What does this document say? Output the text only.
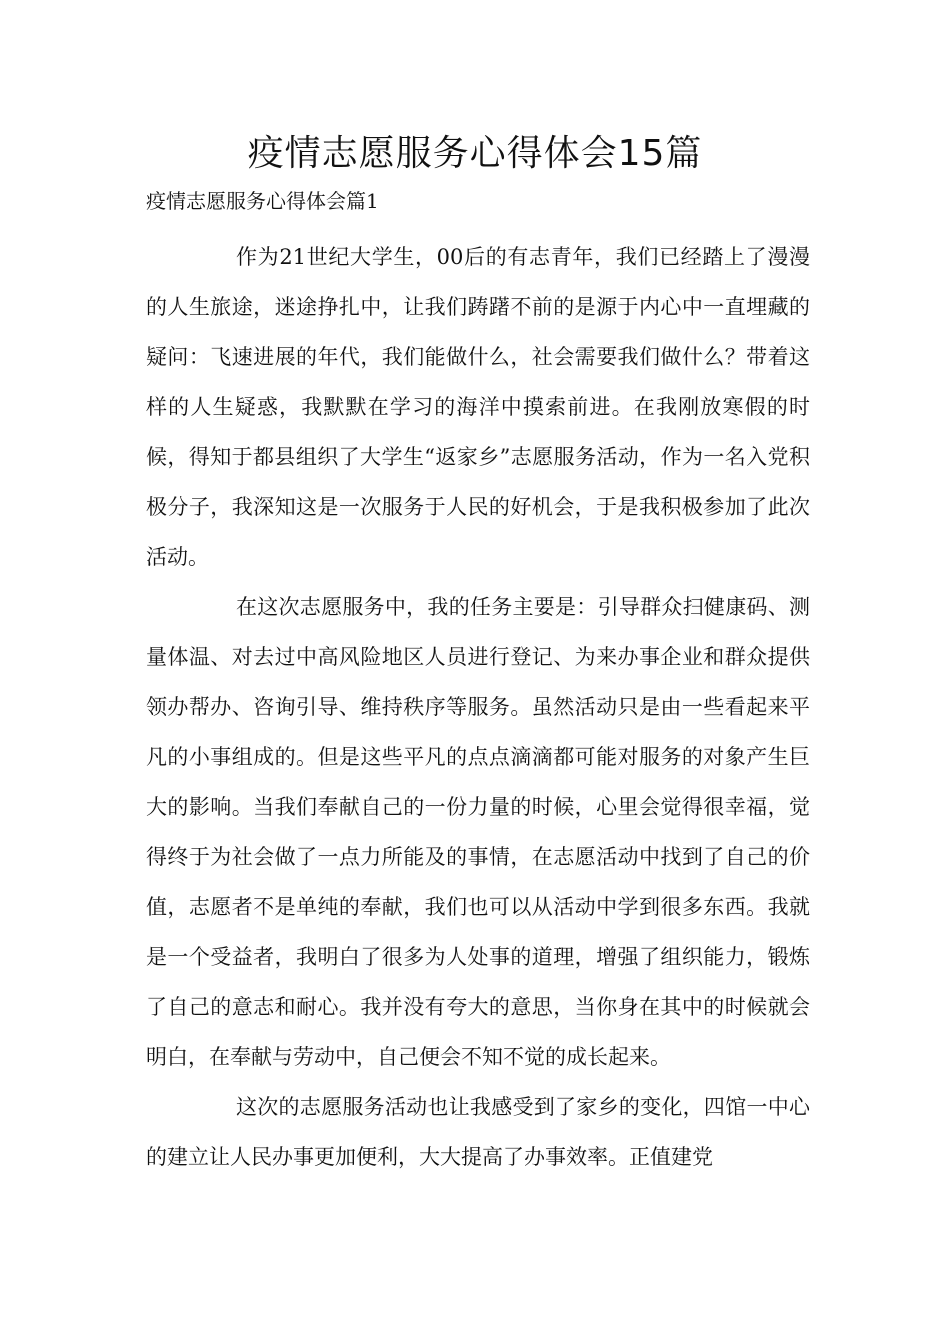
疫情志愿服务心得体会15篇
疫情志愿服务心得体会篇1

作为21世纪大学生，00后的有志青年，我们已经踏上了漫漫的人生旅途，迷途挣扎中，让我们踌躇不前的是源于内心中一直埋藏的疑问：飞速进展的年代，我们能做什么，社会需要我们做什么？带着这样的人生疑惑，我默默在学习的海洋中摸索前进。在我刚放寒假的时候，得知于都县组织了大学生“返家乡”志愿服务活动，作为一名入党积极分子，我深知这是一次服务于人民的好机会，于是我积极参加了此次活动。

在这次志愿服务中，我的任务主要是：引导群众扫健康码、测量体温、对去过中高风险地区人员进行登记、为来办事企业和群众提供领办帮办、咨询引导、维持秩序等服务。虽然活动只是由一些看起来平凡的小事组成的。但是这些平凡的点点滴滴都可能对服务的对象产生巨大的影响。当我们奉献自己的一份力量的时候，心里会觉得很幸福，觉得终于为社会做了一点力所能及的事情，在志愿活动中找到了自己的价值，志愿者不是单纯的奉献，我们也可以从活动中学到很多东西。我就是一个受益者，我明白了很多为人处事的道理，增强了组织能力，锻炼了自己的意志和耐心。我并没有夸大的意思，当你身在其中的时候就会明白，在奉献与劳动中，自己便会不知不觉的成长起来。

这次的志愿服务活动也让我感受到了家乡的变化，四馆一中心的建立让人民办事更加便利，大大提高了办事效率。正值建党
